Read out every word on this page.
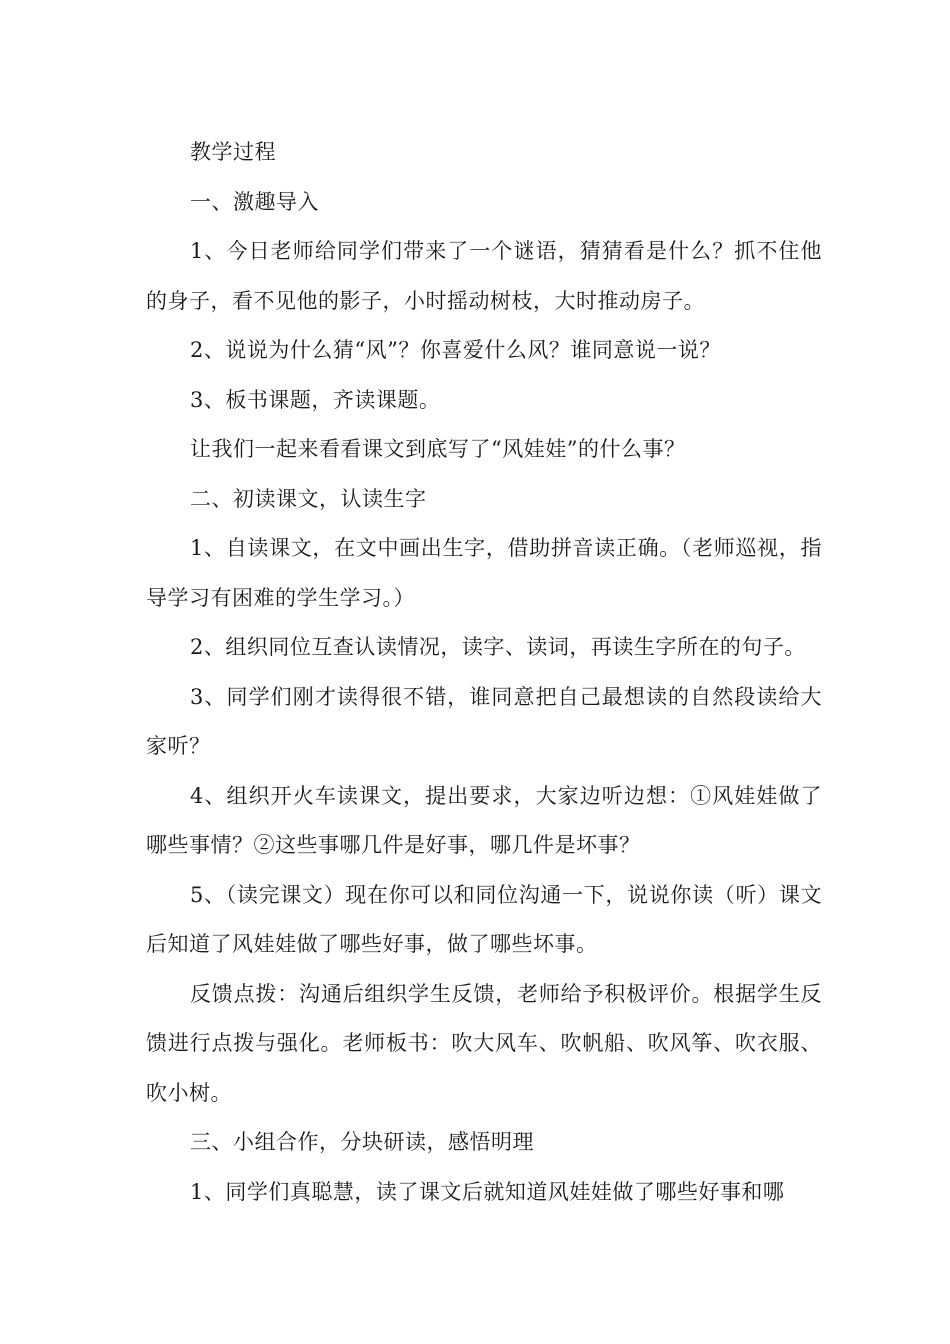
教学过程

一、激趣导入

1、今日老师给同学们带来了一个谜语，猜猜看是什么？抓不住他的身子，看不见他的影子，小时摇动树枝，大时推动房子。

2、说说为什么猜“风”？你喜爱什么风？谁同意说一说？

3、板书课题，齐读课题。

让我们一起来看看课文到底写了“风娃娃”的什么事？

二、初读课文，认读生字

1、自读课文，在文中画出生字，借助拼音读正确。（老师巡视，指导学习有困难的学生学习。）

2、组织同位互查认读情况，读字、读词，再读生字所在的句子。

3、同学们刚才读得很不错，谁同意把自己最想读的自然段读给大家听？

4、组织开火车读课文，提出要求，大家边听边想：①风娃娃做了哪些事情？②这些事哪几件是好事，哪几件是坏事？

5、（读完课文）现在你可以和同位沟通一下，说说你读（听）课文后知道了风娃娃做了哪些好事，做了哪些坏事。

反馈点拨：沟通后组织学生反馈，老师给予积极评价。根据学生反馈进行点拨与强化。老师板书：吹大风车、吹帆船、吹风筝、吹衣服、吹小树。

三、小组合作，分块研读，感悟明理

1、同学们真聪慧，读了课文后就知道风娃娃做了哪些好事和哪
